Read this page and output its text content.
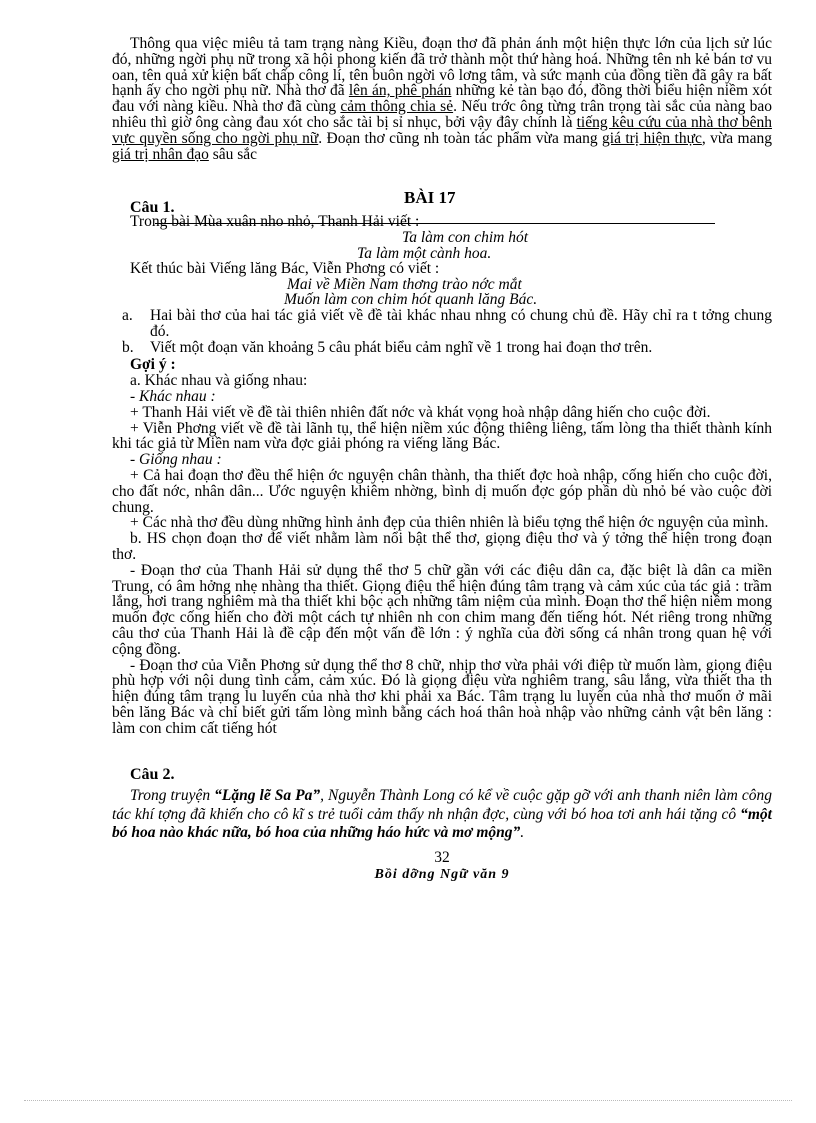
Thông qua việc miêu tả tam trạng nàng Kiều, đoạn thơ đã phản ánh một hiện thực lớn của lịch sử lúc đó, những ngời phụ nữ trong xã hội phong kiến đã trở thành một thứ hàng hoá. Những tên nh kẻ bán tơ vu oan, tên quả xử kiện bất chấp công lí, tên buôn ngời vô lơng tâm, và sức mạnh của đồng tiền đã gây ra bất hạnh ấy cho ngời phụ nữ. Nhà thơ đã lên án, phê phán những kẻ tàn bạo đó, đồng thời biểu hiện niềm xót đau với nàng kiều. Nhà thơ đã cùng cảm thông chia sẻ. Nếu trớc ông từng trân trọng tài sắc của nàng bao nhiêu thì giờ ông càng đau xót cho sắc tài bị sỉ nhục, bởi vậy đây chính là tiếng kêu cứu của nhà thơ bênh vực quyền sống cho ngời phụ nữ. Đoạn thơ cũng nh toàn tác phẩm vừa mang giá trị hiện thực, vừa mang giá trị nhân đạo sâu sắc

BÀI 17
Câu 1.

Trong bài Mùa xuân nho nhỏ, Thanh Hải viết :

Ta làm con chim hót

Ta làm một cành hoa.

Kết thúc bài Viếng lăng Bác, Viễn Phơng có viết :

Mai về Miền Nam thơng trào nớc mắt

Muốn làm con chim hót quanh lăng Bác.

a.	Hai bài thơ của hai tác giả viết về đề tài khác nhau nhng có chung chủ đề. Hãy chỉ ra t tởng chung đó.
b.	Viết một đoạn văn khoảng 5 câu phát biểu cảm nghĩ về 1 trong hai đoạn thơ trên.

Gợi ý :

a. Khác nhau và giống nhau:

- Khác nhau :

+ Thanh Hải viết về đề tài thiên nhiên đất nớc và khát vọng hoà nhập dâng hiến cho cuộc đời.

+ Viễn Phơng viết về đề tài lãnh tụ, thể hiện niềm xúc động thiêng liêng, tấm lòng tha thiết thành kính khi tác giả từ Miền nam vừa đợc giải phóng ra viếng lăng Bác.

- Giống nhau :

+ Cả hai đoạn thơ đều thể hiện ớc nguyện chân thành, tha thiết đợc hoà nhập, cống hiến cho cuộc đời, cho đất nớc, nhân dân... Ước nguyện khiêm nhờng, bình dị muốn đợc góp phần dù nhỏ bé vào cuộc đời chung.

+ Các nhà thơ đều dùng những hình ảnh đẹp của thiên nhiên là biểu tợng thể hiện ớc nguyện của mình.

b. HS chọn đoạn thơ để viết nhằm làm nổi bật thể thơ, giọng điệu thơ và ý tởng thể hiện trong đoạn thơ.

- Đoạn thơ của Thanh Hải sử dụng thể thơ 5 chữ gần với các điệu dân ca, đặc biệt là dân ca miền Trung, có âm hởng nhẹ nhàng tha thiết. Giọng điệu thể hiện đúng tâm trạng và cảm xúc của tác giả : trầm lắng, hơi trang nghiêm mà tha thiết khi bộc ạch những tâm niệm của mình. Đoạn thơ thể hiện niềm mong muốn đợc cống hiến cho đời một cách tự nhiên nh con chim mang đến tiếng hót. Nét riêng trong những câu thơ của Thanh Hải là đề cập đến một vấn đề lớn : ý nghĩa của đời sống cá nhân trong quan hệ với cộng đồng.

- Đoạn thơ của Viễn Phơng sử dụng thể thơ 8 chữ, nhịp thơ vừa phải với điệp từ muốn làm, giọng điệu phù hợp với nội dung tình cảm, cảm xúc. Đó là giọng điệu vừa nghiêm trang, sâu lắng, vừa thiết tha th hiện đúng tâm trạng lu luyến của nhà thơ khi phải xa Bác. Tâm trạng lu luyến của nhà thơ muốn ở mãi bên lăng Bác và chỉ biết gửi tấm lòng mình bằng cách hoá thân hoà nhập vào những cảnh vật bên lăng : làm con chim cất tiếng hót

Câu 2.

Trong truyện “Lặng lẽ Sa Pa”, Nguyễn Thành Long có kể về cuộc gặp gỡ với anh thanh niên làm công tác khí tợng đã khiến cho cô kĩ s trẻ tuổi cảm thấy nh nhận đợc, cùng với bó hoa tơi anh hái tặng cô “một bó hoa nào khác nữa, bó hoa của những háo hức và mơ mộng”.

32

Bồi dỡng Ngữ văn 9
